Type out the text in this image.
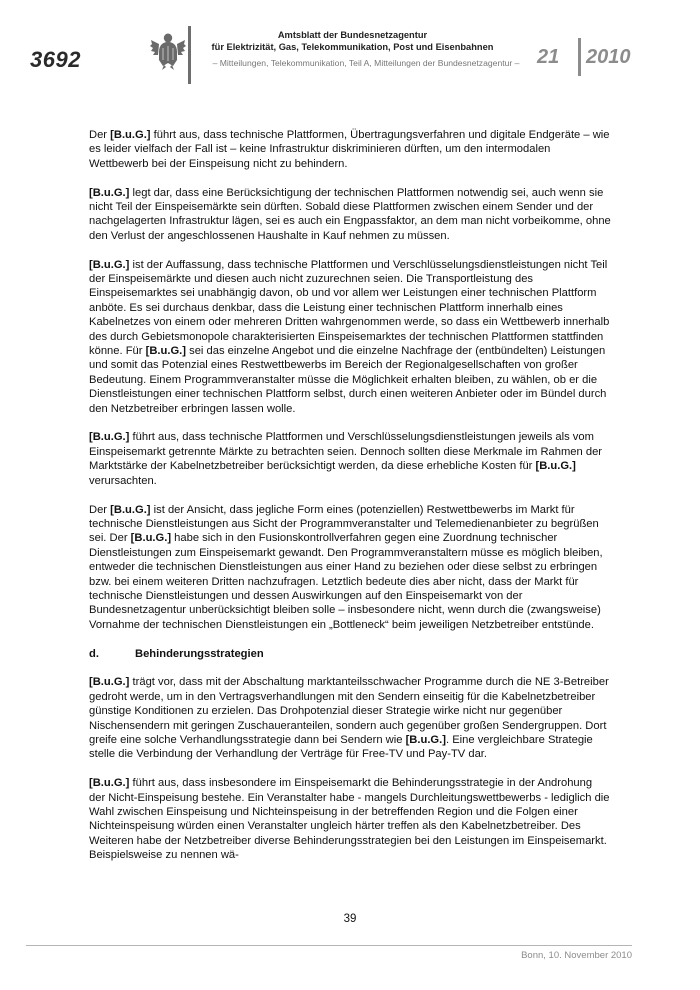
3692
Amtsblatt der Bundesnetzagentur
für Elektrizität, Gas, Telekommunikation, Post und Eisenbahnen
– Mitteilungen, Telekommunikation, Teil A, Mitteilungen der Bundesnetzagentur – 21 2010

Der [B.u.G.] führt aus, dass technische Plattformen, Übertragungsverfahren und digitale Endgeräte – wie es leider vielfach der Fall ist – keine Infrastruktur diskriminieren dürften, um den intermodalen Wettbewerb bei der Einspeisung nicht zu behindern.

[B.u.G.] legt dar, dass eine Berücksichtigung der technischen Plattformen notwendig sei, auch wenn sie nicht Teil der Einspeisemärkte sein dürften. Sobald diese Plattformen zwischen einem Sender und der nachgelagerten Infrastruktur lägen, sei es auch ein Engpassfaktor, an dem man nicht vorbeikomme, ohne den Verlust der angeschlossenen Haushalte in Kauf nehmen zu müssen.

[B.u.G.] ist der Auffassung, dass technische Plattformen und Verschlüsselungsdienstleistungen nicht Teil der Einspeisemärkte und diesen auch nicht zuzurechnen seien. Die Transportleistung des Einspeisemarktes sei unabhängig davon, ob und vor allem wer Leistungen einer technischen Plattform anböte. Es sei durchaus denkbar, dass die Leistung einer technischen Plattform innerhalb eines Kabelnetzes von einem oder mehreren Dritten wahrgenommen werde, so dass ein Wettbewerb innerhalb des durch Gebietsmonopole charakterisierten Einspeisemarktes der technischen Plattformen stattfinden könne. Für [B.u.G.] sei das einzelne Angebot und die einzelne Nachfrage der (entbündelten) Leistungen und somit das Potenzial eines Restwettbewerbs im Bereich der Regionalgesellschaften von großer Bedeutung. Einem Programmveranstalter müsse die Möglichkeit erhalten bleiben, zu wählen, ob er die Dienstleistungen einer technischen Plattform selbst, durch einen weiteren Anbieter oder im Bündel durch den Netzbetreiber erbringen lassen wolle.

[B.u.G.] führt aus, dass technische Plattformen und Verschlüsselungsdienstleistungen jeweils als vom Einspeisemarkt getrennte Märkte zu betrachten seien. Dennoch sollten diese Merkmale im Rahmen der Marktstärke der Kabelnetzbetreiber berücksichtigt werden, da diese erhebliche Kosten für [B.u.G.] verursachten.

Der [B.u.G.] ist der Ansicht, dass jegliche Form eines (potenziellen) Restwettbewerbs im Markt für technische Dienstleistungen aus Sicht der Programmveranstalter und Telemedienanbieter zu begrüßen sei. Der [B.u.G.] habe sich in den Fusionskontrollverfahren gegen eine Zuordnung technischer Dienstleistungen zum Einspeisemarkt gewandt. Den Programmveranstaltern müsse es möglich bleiben, entweder die technischen Dienstleistungen aus einer Hand zu beziehen oder diese selbst zu erbringen bzw. bei einem weiteren Dritten nachzufragen. Letztlich bedeute dies aber nicht, dass der Markt für technische Dienstleistungen und dessen Auswirkungen auf den Einspeisemarkt von der Bundesnetzagentur unberücksichtigt bleiben solle – insbesondere nicht, wenn durch die (zwangsweise) Vornahme der technischen Dienstleistungen ein „Bottleneck“ beim jeweiligen Netzbetreiber entstünde.

d.	Behinderungsstrategien

[B.u.G.] trägt vor, dass mit der Abschaltung marktanteilsschwacher Programme durch die NE 3-Betreiber gedroht werde, um in den Vertragsverhandlungen mit den Sendern einseitig für die Kabelnetzbetreiber günstige Konditionen zu erzielen. Das Drohpotenzial dieser Strategie wirke nicht nur gegenüber Nischensendern mit geringen Zuschaueranteilen, sondern auch gegenüber großen Sendergruppen. Dort greife eine solche Verhandlungsstrategie dann bei Sendern wie [B.u.G.]. Eine vergleichbare Strategie stelle die Verbindung der Verhandlung der Verträge für Free-TV und Pay-TV dar.

[B.u.G.] führt aus, dass insbesondere im Einspeisemarkt die Behinderungsstrategie in der Androhung der Nicht-Einspeisung bestehe. Ein Veranstalter habe - mangels Durchleitungswettbewerbs - lediglich die Wahl zwischen Einspeisung und Nichteinspeisung in der betreffenden Region und die Folgen einer Nichteinspeisung würden einen Veranstalter ungleich härter treffen als den Kabelnetzbetreiber. Des Weiteren habe der Netzbetreiber diverse Behinderungsstrategien bei den Leistungen im Einspeisemarkt. Beispielsweise zu nennen wä-

39
Bonn, 10. November 2010
